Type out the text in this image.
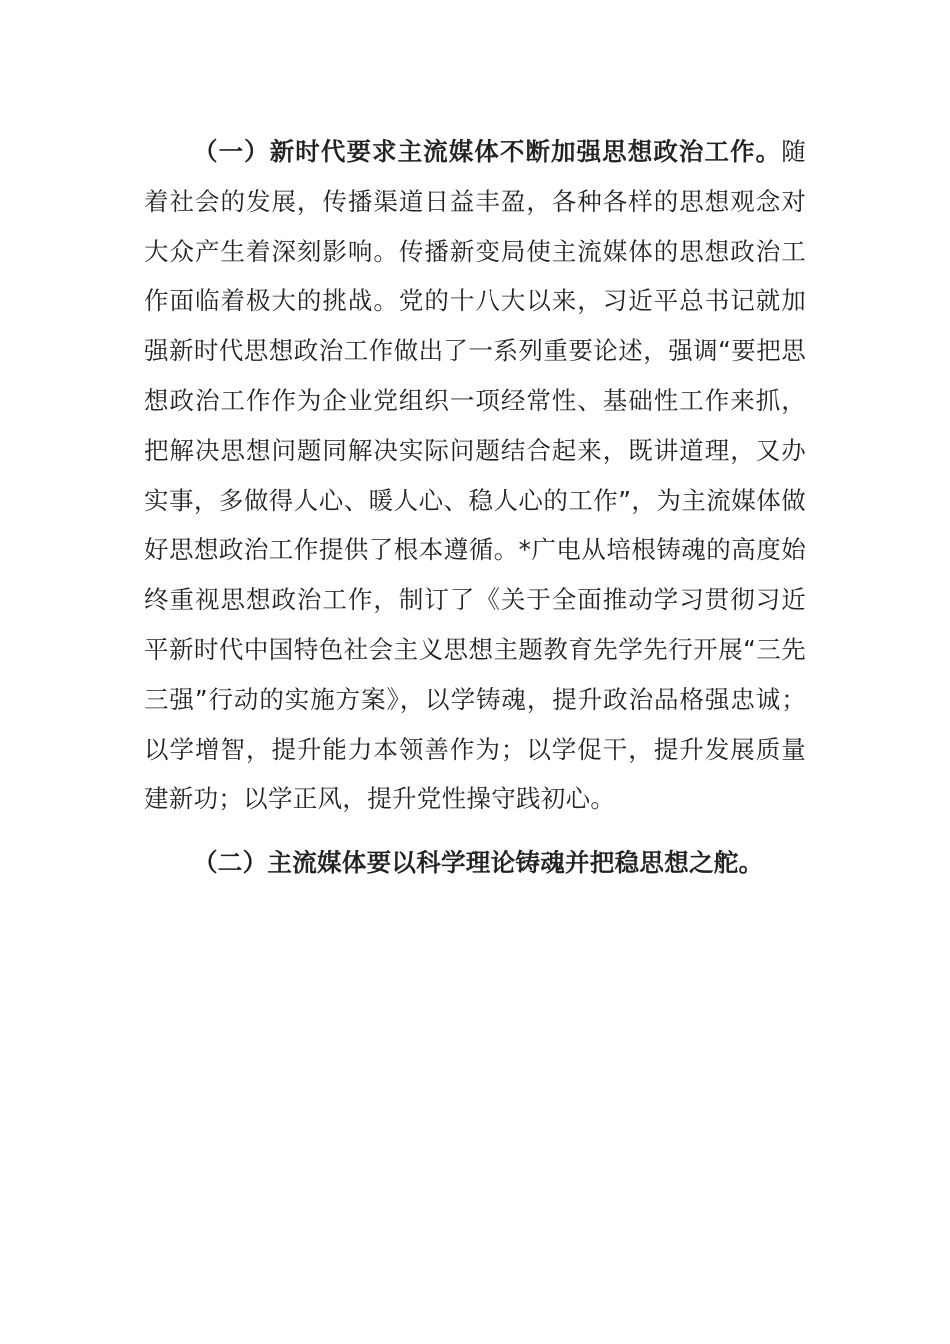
（一）新时代要求主流媒体不断加强思想政治工作。随着社会的发展，传播渠道日益丰盈，各种各样的思想观念对大众产生着深刻影响。传播新变局使主流媒体的思想政治工作面临着极大的挑战。党的十八大以来，习近平总书记就加强新时代思想政治工作做出了一系列重要论述，强调“要把思想政治工作作为企业党组织一项经常性、基础性工作来抓，把解决思想问题同解决实际问题结合起来，既讲道理，又办实事，多做得人心、暖人心、稳人心的工作”，为主流媒体做好思想政治工作提供了根本遵循。*广电从培根铸魂的高度始终重视思想政治工作，制订了《关于全面推动学习贯彻习近平新时代中国特色社会主义思想主题教育先学先行开展“三先三强”行动的实施方案》，以学铸魂，提升政治品格强忠诚；以学增智，提升能力本领善作为；以学促干，提升发展质量建新功；以学正风，提升党性操守践初心。

（二）主流媒体要以科学理论铸魂并把稳思想之舵。
